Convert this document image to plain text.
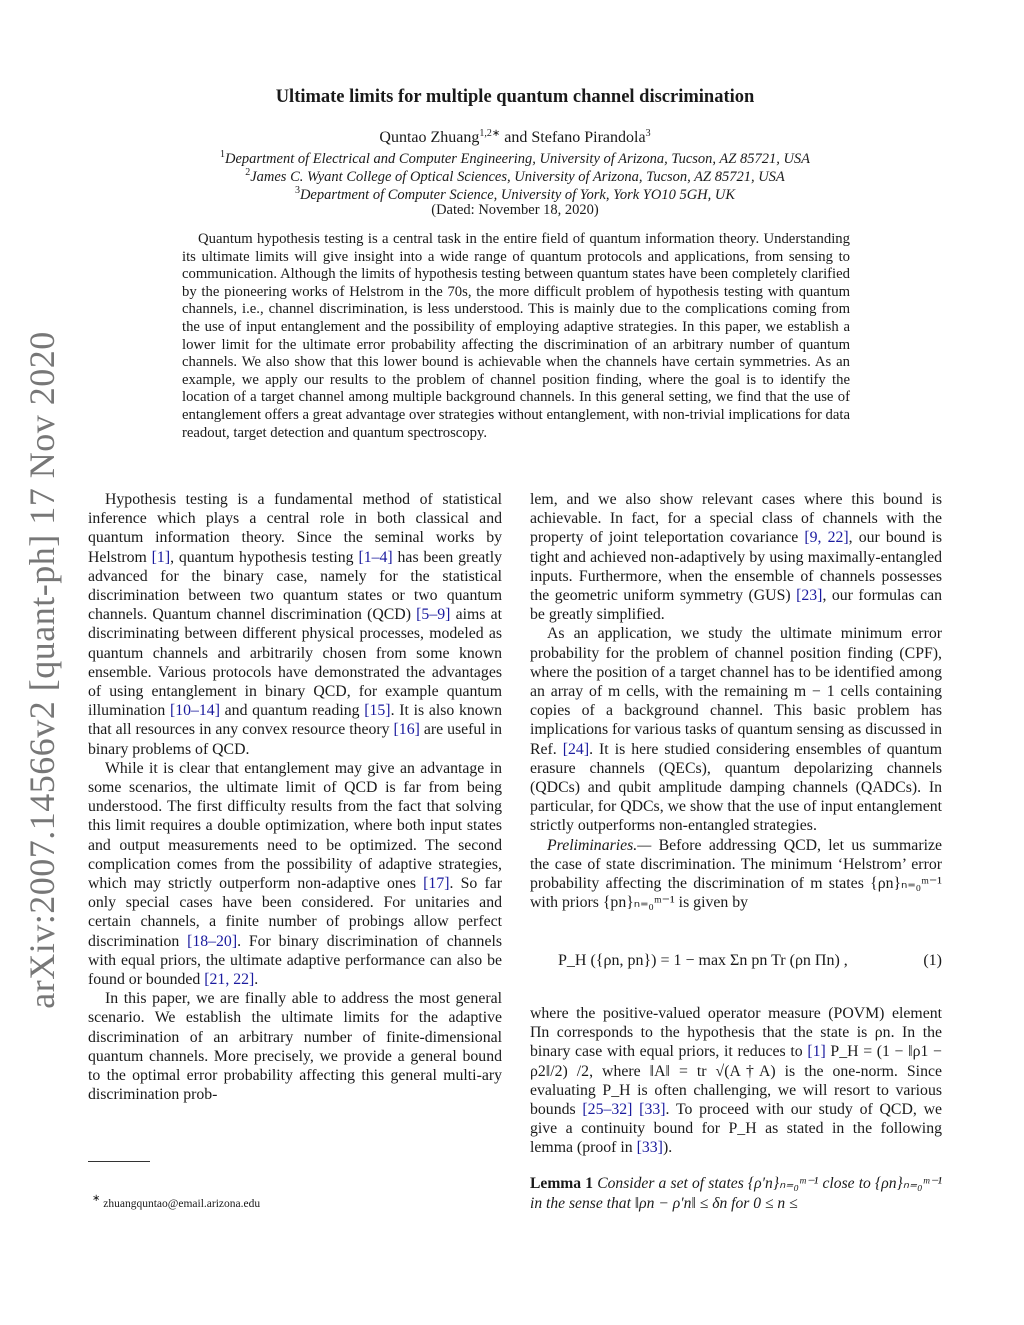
arXiv:2007.14566v2 [quant-ph] 17 Nov 2020
Ultimate limits for multiple quantum channel discrimination
Quntao Zhuang$^{1,2∗}$ and Stefano Pirandola$^3$
$^1$Department of Electrical and Computer Engineering, University of Arizona, Tucson, AZ 85721, USA
$^2$James C. Wyant College of Optical Sciences, University of Arizona, Tucson, AZ 85721, USA
$^3$Department of Computer Science, University of York, York YO10 5GH, UK
(Dated: November 18, 2020)
Quantum hypothesis testing is a central task in the entire field of quantum information theory. Understanding its ultimate limits will give insight into a wide range of quantum protocols and applications, from sensing to communication. Although the limits of hypothesis testing between quantum states have been completely clarified by the pioneering works of Helstrom in the 70s, the more difficult problem of hypothesis testing with quantum channels, i.e., channel discrimination, is less understood. This is mainly due to the complications coming from the use of input entanglement and the possibility of employing adaptive strategies. In this paper, we establish a lower limit for the ultimate error probability affecting the discrimination of an arbitrary number of quantum channels. We also show that this lower bound is achievable when the channels have certain symmetries. As an example, we apply our results to the problem of channel position finding, where the goal is to identify the location of a target channel among multiple background channels. In this general setting, we find that the use of entanglement offers a great advantage over strategies without entanglement, with non-trivial implications for data readout, target detection and quantum spectroscopy.

Hypothesis testing is a fundamental method of statistical inference which plays a central role in both classical and quantum information theory. Since the seminal works by Helstrom [1], quantum hypothesis testing [1–4] has been greatly advanced for the binary case, namely for the statistical discrimination between two quantum states or two quantum channels. Quantum channel discrimination (QCD) [5–9] aims at discriminating between different physical processes, modeled as quantum channels and arbitrarily chosen from some known ensemble. Various protocols have demonstrated the advantages of using entanglement in binary QCD, for example quantum illumination [10–14] and quantum reading [15]. It is also known that all resources in any convex resource theory [16] are useful in binary problems of QCD.

While it is clear that entanglement may give an advantage in some scenarios, the ultimate limit of QCD is far from being understood. The first difficulty results from the fact that solving this limit requires a double optimization, where both input states and output measurements need to be optimized. The second complication comes from the possibility of adaptive strategies, which may strictly outperform non-adaptive ones [17]. So far only special cases have been considered. For unitaries and certain channels, a finite number of probings allow perfect discrimination [18–20]. For binary discrimination of channels with equal priors, the ultimate adaptive performance can also be found or bounded [21, 22].

In this paper, we are finally able to address the most general scenario. We establish the ultimate limits for the adaptive discrimination of an arbitrary number of finite-dimensional quantum channels. More precisely, we provide a general bound to the optimal error probability affecting this general multi-ary discrimination prob-

lem, and we also show relevant cases where this bound is achievable. In fact, for a special class of channels with the property of joint teleportation covariance [9, 22], our bound is tight and achieved non-adaptively by using maximally-entangled inputs. Furthermore, when the ensemble of channels possesses the geometric uniform symmetry (GUS) [23], our formulas can be greatly simplified.

As an application, we study the ultimate minimum error probability for the problem of channel position finding (CPF), where the position of a target channel has to be identified among an array of m cells, with the remaining m − 1 cells containing copies of a background channel. This basic problem has implications for various tasks of quantum sensing as discussed in Ref. [24]. It is here studied considering ensembles of quantum erasure channels (QECs), quantum depolarizing channels (QDCs) and qubit amplitude damping channels (QADCs). In particular, for QDCs, we show that the use of input entanglement strictly outperforms non-entangled strategies.

Preliminaries.— Before addressing QCD, let us summarize the case of state discrimination. The minimum ‘Helstrom’ error probability affecting the discrimination of m states {ρn}ₙ₌₀ᵐ⁻¹ with priors {pn}ₙ₌₀ᵐ⁻¹ is given by

P_H ({ρn, pn}) = 1 − max Σn pn Tr (ρn Πn) ,	(1)

where the positive-valued operator measure (POVM) element Πn corresponds to the hypothesis that the state is ρn. In the binary case with equal priors, it reduces to [1] P_H = (1 − ‖ρ1 − ρ2‖/2) /2, where ‖A‖ = tr √(A†A) is the one-norm. Since evaluating P_H is often challenging, we will resort to various bounds [25–32] [33]. To proceed with our study of QCD, we give a continuity bound for P_H as stated in the following lemma (proof in [33]).

Lemma 1 Consider a set of states {ρ′n}ₙ₌₀ᵐ⁻¹ close to {ρn}ₙ₌₀ᵐ⁻¹ in the sense that ‖ρn − ρ′n‖ ≤ δn for 0 ≤ n ≤
∗ zhuangquntao@email.arizona.edu
